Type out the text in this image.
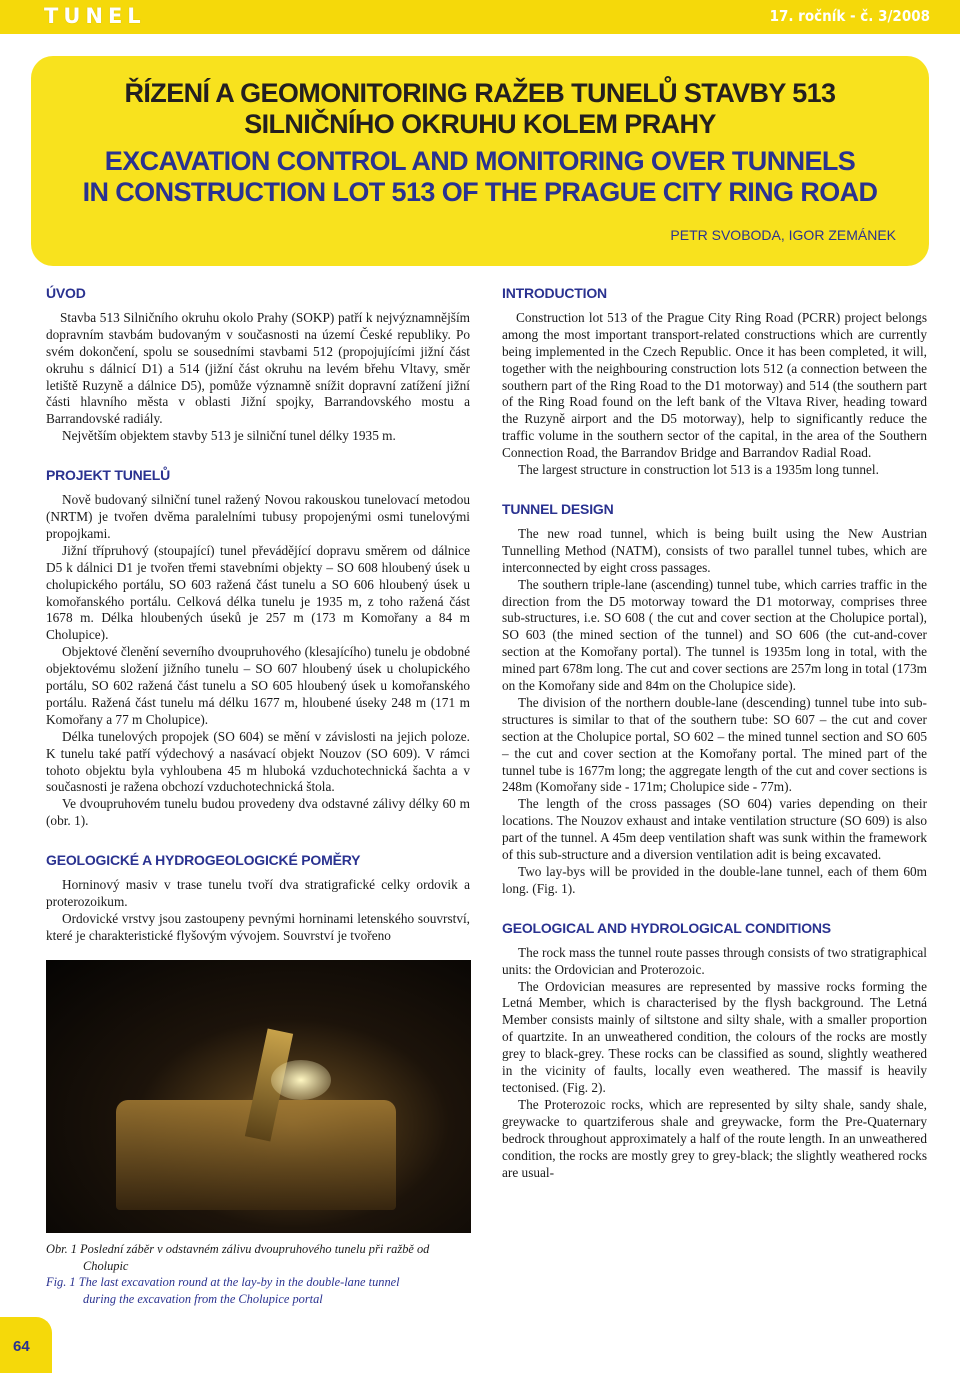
TUNEL	17. ročník - č. 3/2008
ŘÍZENÍ A GEOMONITORING RAŽEB TUNELŮ STAVBY 513
SILNIČNÍHO OKRUHU KOLEM PRAHY
EXCAVATION CONTROL AND MONITORING OVER TUNNELS
IN CONSTRUCTION LOT 513 OF THE PRAGUE CITY RING ROAD
PETR SVOBODA, IGOR ZEMÁNEK
ÚVOD

Stavba 513 Silničního okruhu okolo Prahy (SOKP) patří k nejvýznamnějším dopravním stavbám budovaným v současnosti na území České republiky. Po svém dokončení, spolu se sousedními stavbami 512 (propojujícími jižní část okruhu s dálnicí D1) a 514 (jižní část okruhu na levém břehu Vltavy, směr letiště Ruzyně a dálnice D5), pomůže významně snížit dopravní zatížení jižní části hlavního města v oblasti Jižní spojky, Barrandovského mostu a Barrandovské radiály.

Největším objektem stavby 513 je silniční tunel délky 1935 m.

PROJEKT TUNELŮ

Nově budovaný silniční tunel ražený Novou rakouskou tunelovací metodou (NRTM) je tvořen dvěma paralelními tubusy propojenými osmi tunelovými propojkami.

Jižní třípruhový (stoupající) tunel převádějící dopravu směrem od dálnice D5 k dálnici D1 je tvořen třemi stavebními objekty – SO 608 hloubený úsek u cholupického portálu, SO 603 ražená část tunelu a SO 606 hloubený úsek u komořanského portálu. Celková délka tunelu je 1935 m, z toho ražená část 1678 m. Délka hloubených úseků je 257 m (173 m Komořany a 84 m Cholupice).

Objektové členění severního dvoupruhového (klesajícího) tunelu je obdobné objektovému složení jižního tunelu – SO 607 hloubený úsek u cholupického portálu, SO 602 ražená část tunelu a SO 605 hloubený úsek u komořanského portálu. Ražená část tunelu má délku 1677 m, hloubené úseky 248 m (171 m Komořany a 77 m Cholupice).

Délka tunelových propojek (SO 604) se mění v závislosti na jejich poloze. K tunelu také patří výdechový a nasávací objekt Nouzov (SO 609). V rámci tohoto objektu byla vyhloubena 45 m hluboká vzduchotechnická šachta a v současnosti je ražena obchozí vzduchotechnická štola.

Ve dvoupruhovém tunelu budou provedeny dva odstavné zálivy délky 60 m (obr. 1).

GEOLOGICKÉ A HYDROGEOLOGICKÉ POMĚRY

Horninový masiv v trase tunelu tvoří dva stratigrafické celky ordovik a proterozoikum.

Ordovické vrstvy jsou zastoupeny pevnými horninami letenského souvrství, které je charakteristické flyšovým vývojem. Souvrství je tvořeno

Obr. 1 Poslední záběr v odstavném zálivu dvoupruhového tunelu při ražbě od
Cholupic
Fig. 1 The last excavation round at the lay-by in the double-lane tunnel
during the excavation from the Cholupice portal
INTRODUCTION

Construction lot 513 of the Prague City Ring Road (PCRR) project belongs among the most important transport-related constructions which are currently being implemented in the Czech Republic. Once it has been completed, it will, together with the neighbouring construction lots 512 (a connection between the southern part of the Ring Road to the D1 motorway) and 514 (the southern part of the Ring Road found on the left bank of the Vltava River, heading toward the Ruzyně airport and the D5 motorway), help to significantly reduce the traffic volume in the southern sector of the capital, in the area of the Southern Connection Road, the Barrandov Bridge and Barrandov Radial Road.

The largest structure in construction lot 513 is a 1935m long tunnel.

TUNNEL DESIGN

The new road tunnel, which is being built using the New Austrian Tunnelling Method (NATM), consists of two parallel tunnel tubes, which are interconnected by eight cross passages.

The southern triple-lane (ascending) tunnel tube, which carries traffic in the direction from the D5 motorway toward the D1 motorway, comprises three sub-structures, i.e. SO 608 ( the cut and cover section at the Cholupice portal), SO 603 (the mined section of the tunnel) and SO 606 (the cut-and-cover section at the Komořany portal). The tunnel is 1935m long in total, with the mined part 678m long. The cut and cover sections are 257m long in total (173m on the Komořany side and 84m on the Cholupice side).

The division of the northern double-lane (descending) tunnel tube into sub-structures is similar to that of the southern tube: SO 607 – the cut and cover section at the Cholupice portal, SO 602 – the mined tunnel section and SO 605 – the cut and cover section at the Komořany portal. The mined part of the tunnel tube is 1677m long; the aggregate length of the cut and cover sections is 248m (Komořany side - 171m; Cholupice side - 77m).

The length of the cross passages (SO 604) varies depending on their locations. The Nouzov exhaust and intake ventilation structure (SO 609) is also part of the tunnel. A 45m deep ventilation shaft was sunk within the framework of this sub-structure and a diversion ventilation adit is being excavated.

Two lay-bys will be provided in the double-lane tunnel, each of them 60m long. (Fig. 1).

GEOLOGICAL AND HYDROLOGICAL CONDITIONS

The rock mass the tunnel route passes through consists of two stratigraphical units: the Ordovician and Proterozoic.

The Ordovician measures are represented by massive rocks forming the Letná Member, which is characterised by the flysh background. The Letná Member consists mainly of siltstone and silty shale, with a smaller proportion of quartzite. In an unweathered condition, the colours of the rocks are mostly grey to black-grey. These rocks can be classified as sound, slightly weathered in the vicinity of faults, locally even weathered. The massif is heavily tectonised. (Fig. 2).

The Proterozoic rocks, which are represented by silty shale, sandy shale, greywacke to quartziferous shale and greywacke, form the Pre-Quaternary bedrock throughout approximately a half of the route length. In an unweathered condition, the rocks are mostly grey to grey-black; the slightly weathered rocks are usual-

64
